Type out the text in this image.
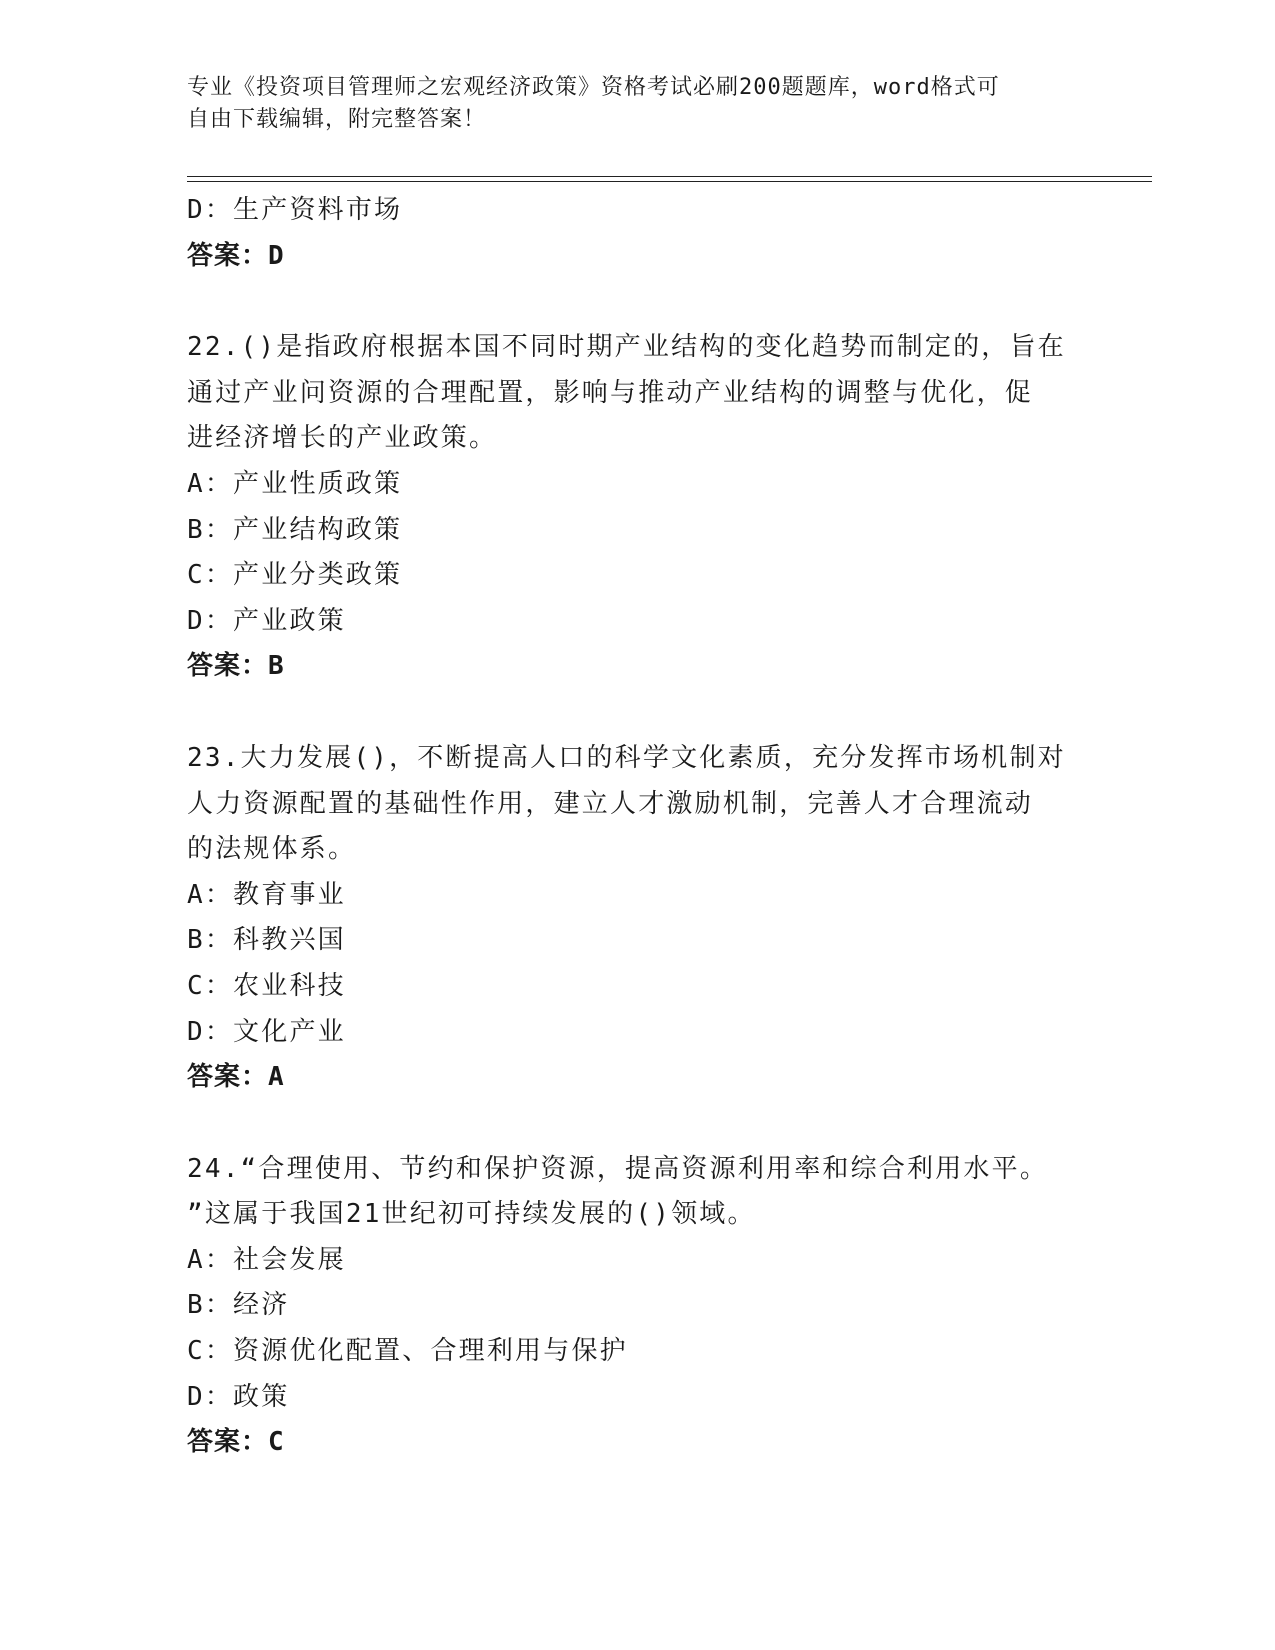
专业《投资项目管理师之宏观经济政策》资格考试必刷200题题库，word格式可
自由下载编辑，附完整答案！
D：生产资料市场
答案：D
22.()是指政府根据本国不同时期产业结构的变化趋势而制定的，旨在
通过产业问资源的合理配置，影响与推动产业结构的调整与优化，促
进经济增长的产业政策。
A：产业性质政策
B：产业结构政策
C：产业分类政策
D：产业政策
答案：B
23.大力发展()，不断提高人口的科学文化素质，充分发挥市场机制对
人力资源配置的基础性作用，建立人才激励机制，完善人才合理流动
的法规体系。
A：教育事业
B：科教兴国
C：农业科技
D：文化产业
答案：A
24.“合理使用、节约和保护资源，提高资源利用率和综合利用水平。
”这属于我国21世纪初可持续发展的()领域。
A：社会发展
B：经济
C：资源优化配置、合理利用与保护
D：政策
答案：C
